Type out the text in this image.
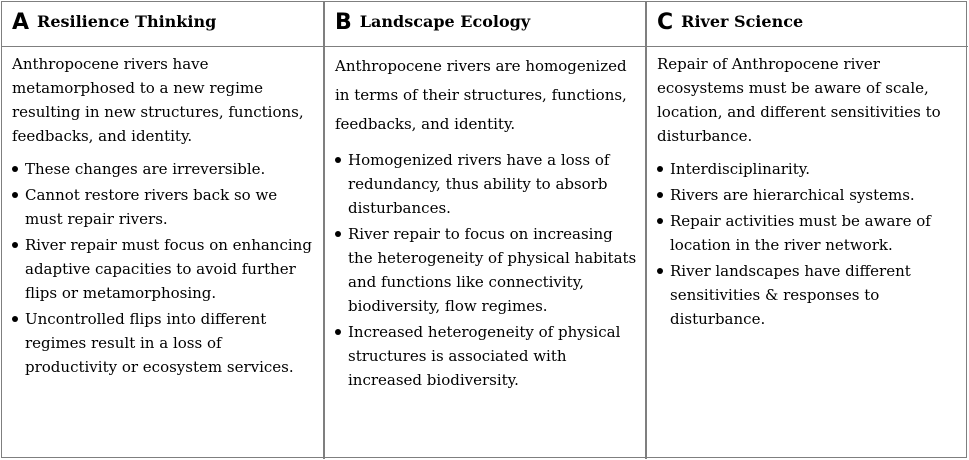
A Resilience Thinking

Anthropocene rivers have metamorphosed to a new regime resulting in new structures, functions, feedbacks, and identity.

These changes are irreversible.
Cannot restore rivers back so we must repair rivers.
River repair must focus on enhancing adaptive capacities to avoid further flips or metamorphosing.
Uncontrolled flips into different regimes result in a loss of productivity or ecosystem services.
B Landscape Ecology

Anthropocene rivers are homogenized in terms of their structures, functions, feedbacks, and identity.

Homogenized rivers have a loss of redundancy, thus ability to absorb disturbances.
River repair to focus on increasing the heterogeneity of physical habitats and functions like connectivity, biodiversity, flow regimes.
Increased heterogeneity of physical structures is associated with increased biodiversity.
C River Science

Repair of Anthropocene river ecosystems must be aware of scale, location, and different sensitivities to disturbance.

Interdisciplinarity.
Rivers are hierarchical systems.
Repair activities must be aware of location in the river network.
River landscapes have different sensitivities & responses to disturbance.
